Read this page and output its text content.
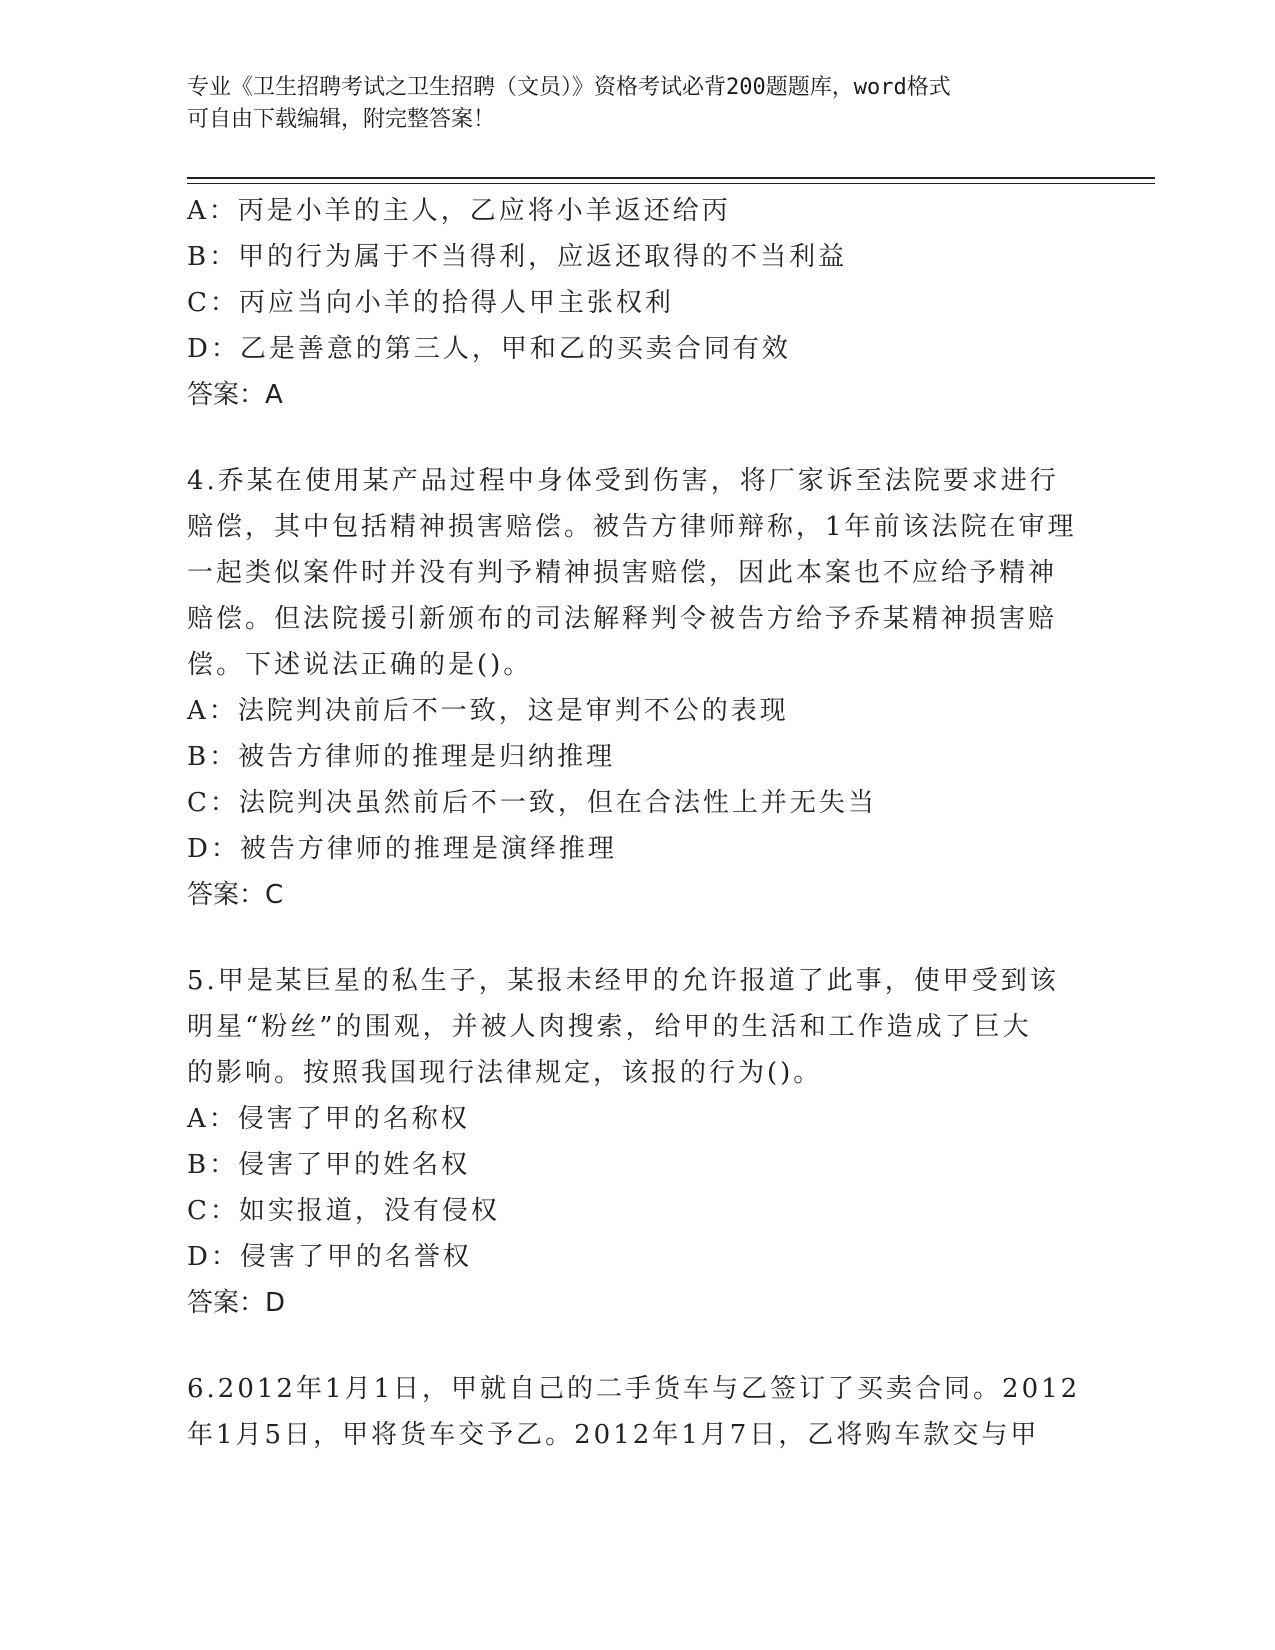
专业《卫生招聘考试之卫生招聘（文员）》资格考试必背200题题库，word格式
可自由下载编辑，附完整答案！
A：丙是小羊的主人，乙应将小羊返还给丙
B：甲的行为属于不当得利，应返还取得的不当利益
C：丙应当向小羊的拾得人甲主张权利
D：乙是善意的第三人，甲和乙的买卖合同有效
答案：A
4.乔某在使用某产品过程中身体受到伤害，将厂家诉至法院要求进行
赔偿，其中包括精神损害赔偿。被告方律师辩称，1年前该法院在审理
一起类似案件时并没有判予精神损害赔偿，因此本案也不应给予精神
赔偿。但法院援引新颁布的司法解释判令被告方给予乔某精神损害赔
偿。下述说法正确的是()。
A：法院判决前后不一致，这是审判不公的表现
B：被告方律师的推理是归纳推理
C：法院判决虽然前后不一致，但在合法性上并无失当
D：被告方律师的推理是演绎推理
答案：C
5.甲是某巨星的私生子，某报未经甲的允许报道了此事，使甲受到该
明星“粉丝”的围观，并被人肉搜索，给甲的生活和工作造成了巨大
的影响。按照我国现行法律规定，该报的行为()。
A：侵害了甲的名称权
B：侵害了甲的姓名权
C：如实报道，没有侵权
D：侵害了甲的名誉权
答案：D
6.2012年1月1日，甲就自己的二手货车与乙签订了买卖合同。2012
年1月5日，甲将货车交予乙。2012年1月7日，乙将购车款交与甲
